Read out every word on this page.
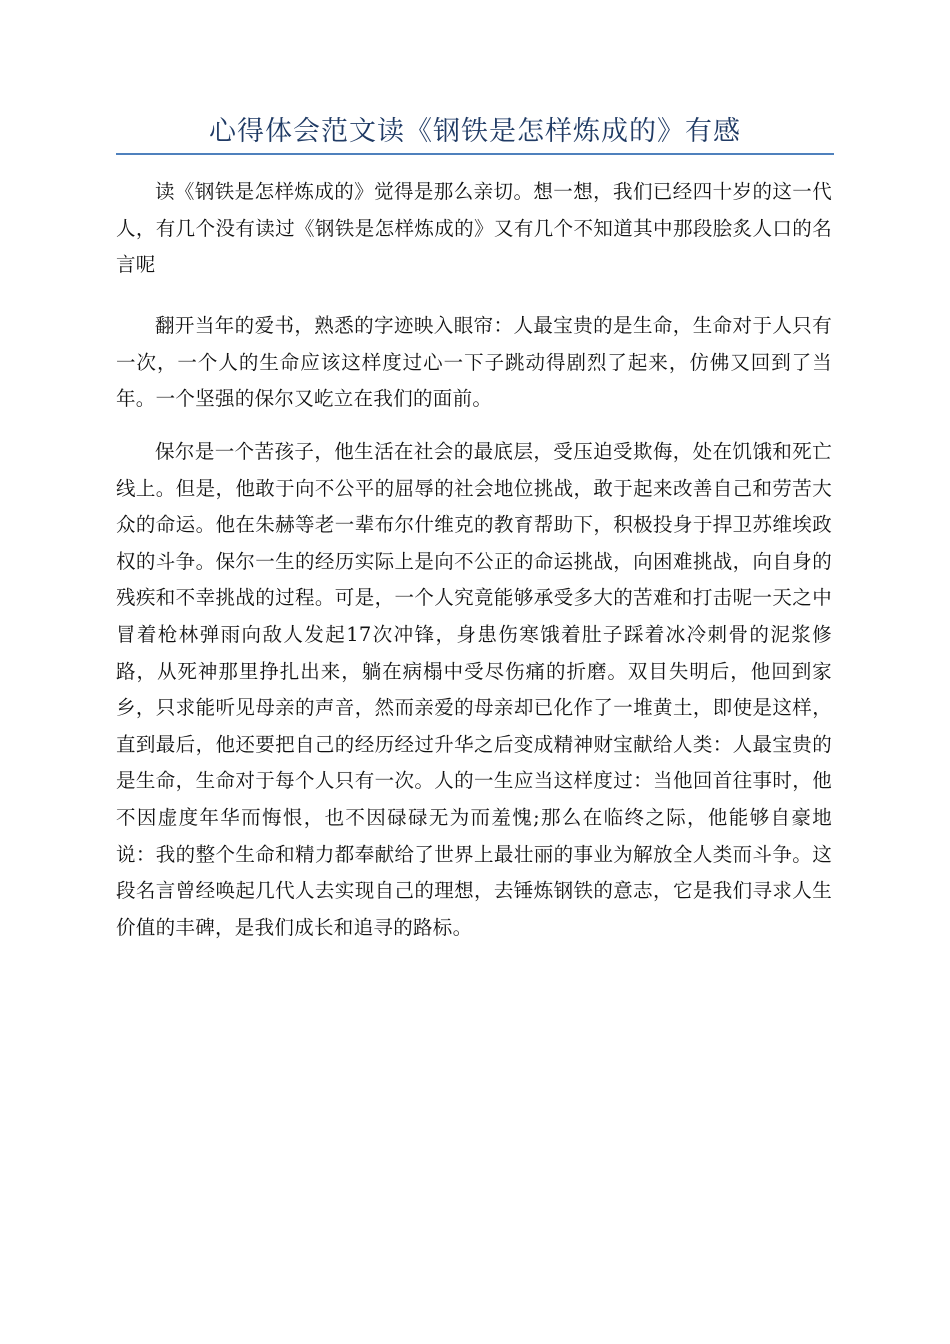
心得体会范文读《钢铁是怎样炼成的》有感

读《钢铁是怎样炼成的》觉得是那么亲切。想一想，我们已经四十岁的这一代人，有几个没有读过《钢铁是怎样炼成的》又有几个不知道其中那段脍炙人口的名言呢

翻开当年的爱书，熟悉的字迹映入眼帘：人最宝贵的是生命，生命对于人只有一次，一个人的生命应该这样度过心一下子跳动得剧烈了起来，仿佛又回到了当年。一个坚强的保尔又屹立在我们的面前。

保尔是一个苦孩子，他生活在社会的最底层，受压迫受欺侮，处在饥饿和死亡线上。但是，他敢于向不公平的屈辱的社会地位挑战，敢于起来改善自己和劳苦大众的命运。他在朱赫等老一辈布尔什维克的教育帮助下，积极投身于捍卫苏维埃政权的斗争。保尔一生的经历实际上是向不公正的命运挑战，向困难挑战，向自身的残疾和不幸挑战的过程。可是，一个人究竟能够承受多大的苦难和打击呢一天之中冒着枪林弹雨向敌人发起17次冲锋，身患伤寒饿着肚子踩着冰冷刺骨的泥浆修路，从死神那里挣扎出来，躺在病榻中受尽伤痛的折磨。双目失明后，他回到家乡，只求能听见母亲的声音，然而亲爱的母亲却已化作了一堆黄土，即使是这样，直到最后，他还要把自己的经历经过升华之后变成精神财宝献给人类：人最宝贵的是生命，生命对于每个人只有一次。人的一生应当这样度过：当他回首往事时，他不因虚度年华而悔恨，也不因碌碌无为而羞愧;那么在临终之际，他能够自豪地说：我的整个生命和精力都奉献给了世界上最壮丽的事业为解放全人类而斗争。这段名言曾经唤起几代人去实现自己的理想，去锤炼钢铁的意志，它是我们寻求人生价值的丰碑，是我们成长和追寻的路标。
